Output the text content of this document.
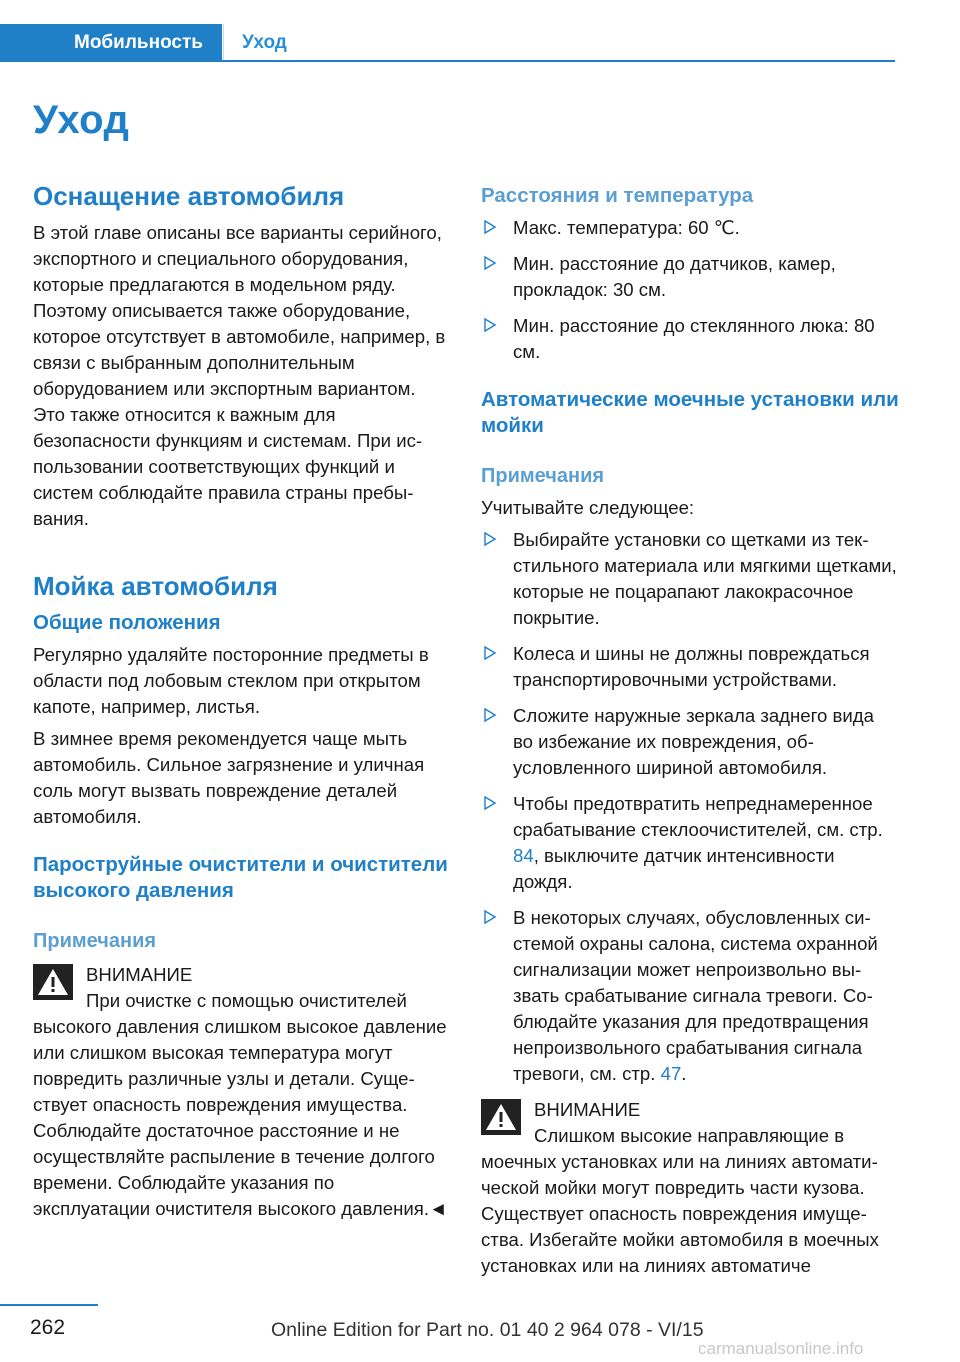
Мобильность	Уход
Уход
Оснащение автомобиля

В этой главе описаны все варианты серийного, экспортного и специального оборудования, которые предлагаются в модельном ряду. Поэтому описывается также оборудование, которое отсутствует в автомобиле, например, в связи с выбранным дополнительным оборудованием или экспортным вариантом. Это также относится к важным для безопасности функциям и системам. При использовании соответствующих функций и систем соблюдайте правила страны пребывания.

Мойка автомобиля
Общие положения

Регулярно удаляйте посторонние предметы в области под лобовым стеклом при открытом капоте, например, листья.

В зимнее время рекомендуется чаще мыть автомобиль. Сильное загрязнение и уличная соль могут вызвать повреждение деталей автомобиля.

Пароструйные очистители и очистители высокого давления
Примечания

ВНИМАНИЕ

При очистке с помощью очистителей

высокого давления слишком высокое давление или слишком высокая температура могут повредить различные узлы и детали. Существует опасность повреждения имущества. Соблюдайте достаточное расстояние и не осуществляйте распыление в течение долгого времени. Соблюдайте указания по эксплуатации очистителя высокого давления.◄

Расстояния и температура
Макс. температура: 60 ℃.
Мин. расстояние до датчиков, камер, прокладок: 30 см.
Мин. расстояние до стеклянного люка: 80 см.
Автоматические моечные установки или мойки
Примечания

Учитывайте следующее:

Выбирайте установки со щетками из текстильного материала или мягкими щетками, которые не поцарапают лакокрасочное покрытие.
Колеса и шины не должны повреждаться транспортировочными устройствами.
Сложите наружные зеркала заднего вида во избежание их повреждения, обусловленного шириной автомобиля.
Чтобы предотвратить непреднамеренное срабатывание стеклоочистителей, см. стр. 84, выключите датчик интенсивности дождя.
В некоторых случаях, обусловленных системой охраны салона, система охранной сигнализации может непроизвольно вызвать срабатывание сигнала тревоги. Соблюдайте указания для предотвращения непроизвольного срабатывания сигнала тревоги, см. стр. 47.

ВНИМАНИЕ

Слишком высокие направляющие в

моечных установках или на линиях автоматической мойки могут повредить части кузова. Существует опасность повреждения имущества. Избегайте мойки автомобиля в моечных установках или на линиях автоматиче

262	Online Edition for Part no. 01 40 2 964 078 - VI/15
carmanualsonline.info
